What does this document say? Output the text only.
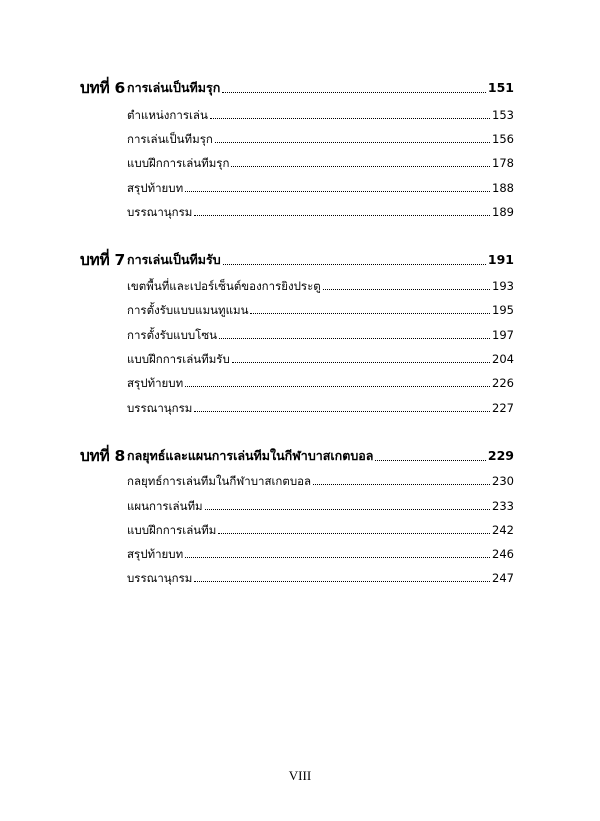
บทที่ 6 การเล่นเป็นทีมรุก	151
ตำแหน่งการเล่น	153
การเล่นเป็นทีมรุก	156
แบบฝึกการเล่นทีมรุก	178
สรุปท้ายบท	188
บรรณานุกรม	189
บทที่ 7 การเล่นเป็นทีมรับ	191
เขตพื้นที่และเปอร์เซ็นต์ของการยิงประตู	193
การตั้งรับแบบแมนทูแมน	195
การตั้งรับแบบโซน	197
แบบฝึกการเล่นทีมรับ	204
สรุปท้ายบท	226
บรรณานุกรม	227
บทที่ 8 กลยุทธ์และแผนการเล่นทีมในกีฬาบาสเกตบอล	229
กลยุทธ์การเล่นทีมในกีฬาบาสเกตบอล	230
แผนการเล่นทีม	233
แบบฝึกการเล่นทีม	242
สรุปท้ายบท	246
บรรณานุกรม	247
VIII
